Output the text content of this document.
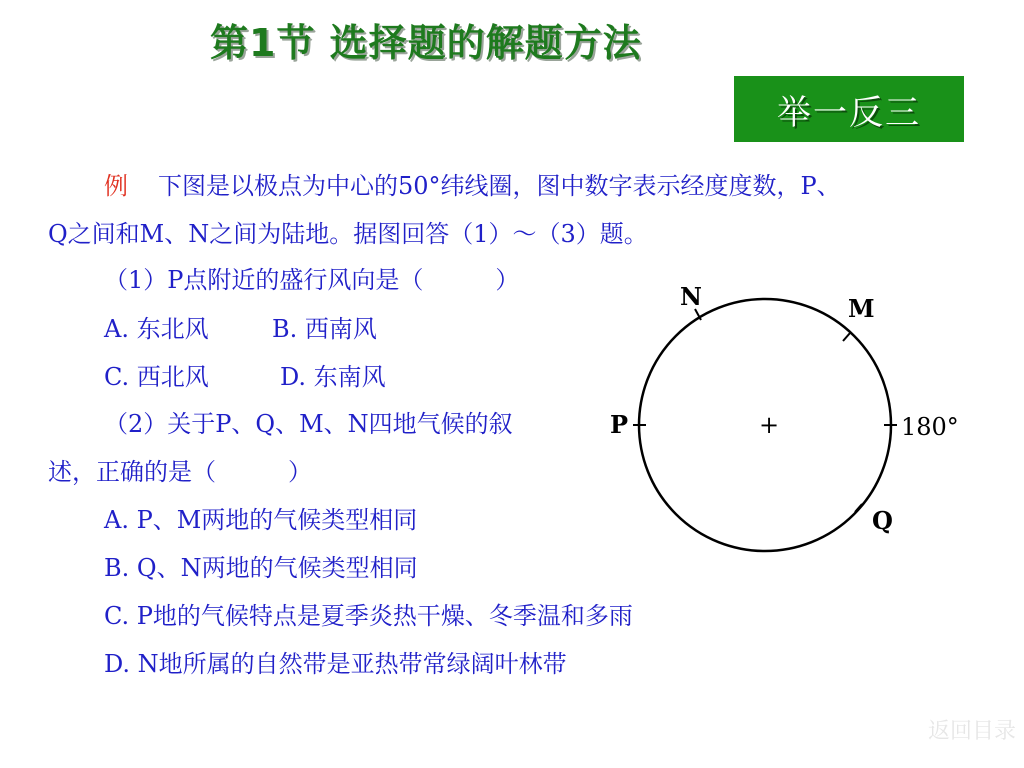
第1节 选择题的解题方法
举一反三
例 下图是以极点为中心的50°纬线圈，图中数字表示经度度数，P、
Q之间和M、N之间为陆地。据图回答（1）～（3）题。
（1）P点附近的盛行风向是（　　　）
A. 东北风	B. 西南风
C. 西北风	D. 东南风
（2）关于P、Q、M、N四地气候的叙
述，正确的是（　　　）
A. P、M两地的气候类型相同
B. Q、N两地的气候类型相同
C. P地的气候特点是夏季炎热干燥、冬季温和多雨
D. N地所属的自然带是亚热带常绿阔叶林带
N	M
P
Q
180°
+
返回目录
